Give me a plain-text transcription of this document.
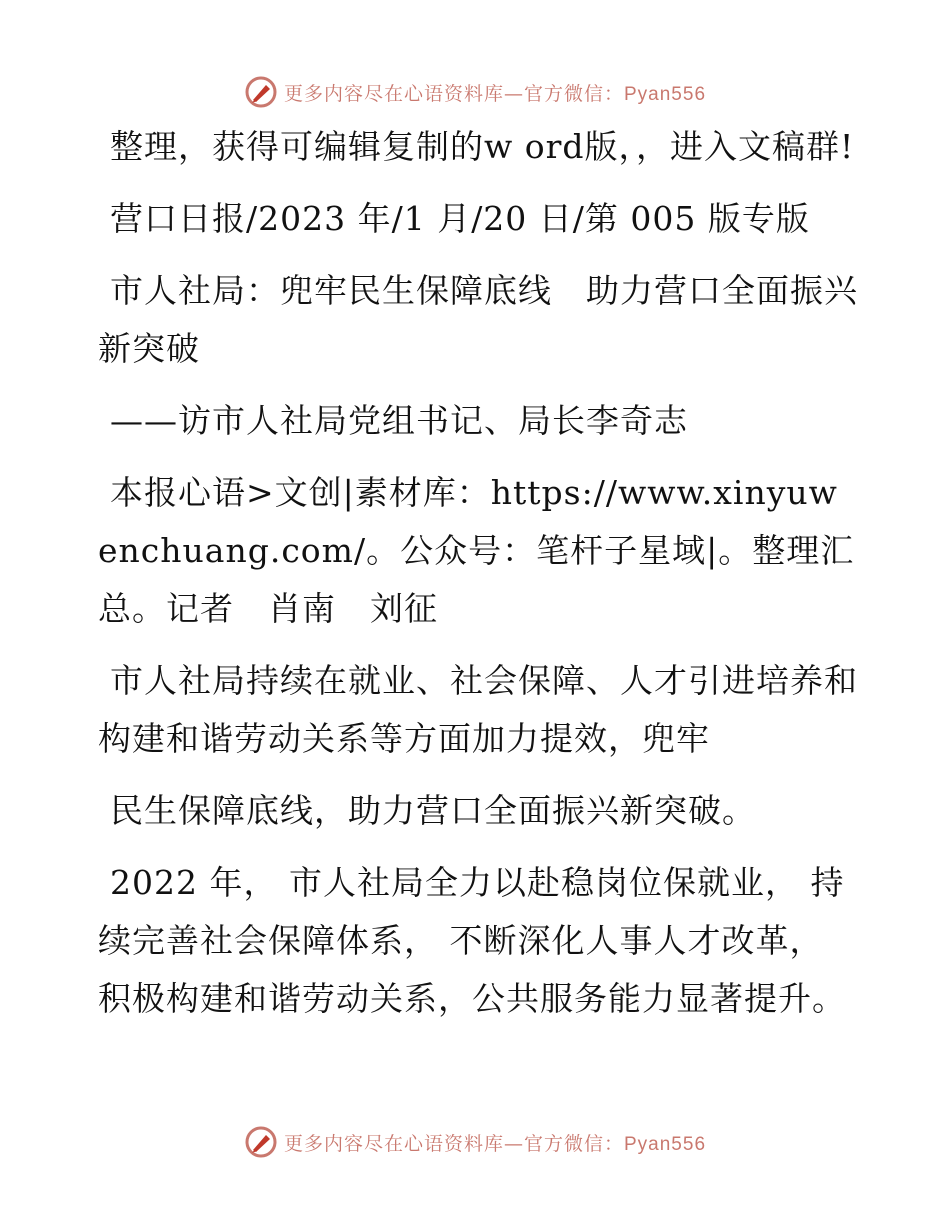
更多内容尽在心语资料库—官方微信：Pyan556

整理，获得可编辑复制的w ord版，，进入文稿群!

营口日报/2023 年/1 月/20 日/第 005 版专版

市人社局：兜牢民生保障底线　助力营口全面振兴新突破

——访市人社局党组书记、局长李奇志

本报心语>文创|素材库：https://www.xinyuwenchuang.com/。公众号：笔杆子星域|。整理汇总。记者　肖南　刘征

市人社局持续在就业、社会保障、人才引进培养和构建和谐劳动关系等方面加力提效，兜牢

民生保障底线，助力营口全面振兴新突破。

2022 年， 市人社局全力以赴稳岗位保就业， 持续完善社会保障体系， 不断深化人事人才改革， 积极构建和谐劳动关系，公共服务能力显著提升。

更多内容尽在心语资料库—官方微信：Pyan556
